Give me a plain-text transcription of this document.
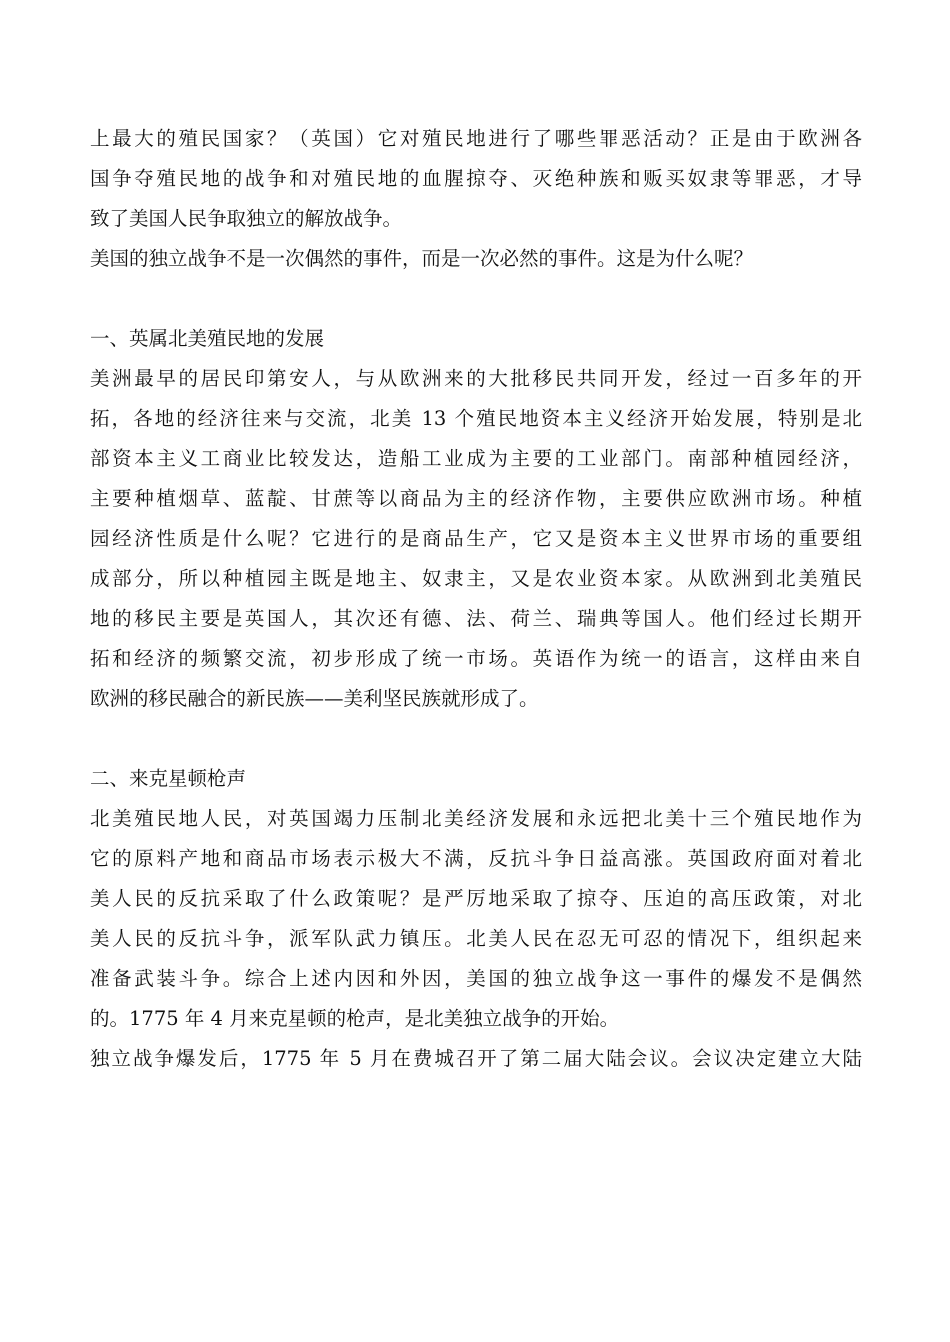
上最大的殖民国家？（英国）它对殖民地进行了哪些罪恶活动？正是由于欧洲各
国争夺殖民地的战争和对殖民地的血腥掠夺、灭绝种族和贩买奴隶等罪恶，才导
致了美国人民争取独立的解放战争。
美国的独立战争不是一次偶然的事件，而是一次必然的事件。这是为什么呢？
一、英属北美殖民地的发展
美洲最早的居民印第安人，与从欧洲来的大批移民共同开发，经过一百多年的开
拓，各地的经济往来与交流，北美 13 个殖民地资本主义经济开始发展，特别是北
部资本主义工商业比较发达，造船工业成为主要的工业部门。南部种植园经济，
主要种植烟草、蓝靛、甘蔗等以商品为主的经济作物，主要供应欧洲市场。种植
园经济性质是什么呢？它进行的是商品生产，它又是资本主义世界市场的重要组
成部分，所以种植园主既是地主、奴隶主，又是农业资本家。从欧洲到北美殖民
地的移民主要是英国人，其次还有德、法、荷兰、瑞典等国人。他们经过长期开
拓和经济的频繁交流，初步形成了统一市场。英语作为统一的语言，这样由来自
欧洲的移民融合的新民族——美利坚民族就形成了。
二、来克星顿枪声
北美殖民地人民，对英国竭力压制北美经济发展和永远把北美十三个殖民地作为
它的原料产地和商品市场表示极大不满，反抗斗争日益高涨。英国政府面对着北
美人民的反抗采取了什么政策呢？是严厉地采取了掠夺、压迫的高压政策，对北
美人民的反抗斗争，派军队武力镇压。北美人民在忍无可忍的情况下，组织起来
准备武装斗争。综合上述内因和外因，美国的独立战争这一事件的爆发不是偶然
的。1775 年 4 月来克星顿的枪声，是北美独立战争的开始。
独立战争爆发后，1775 年 5 月在费城召开了第二届大陆会议。会议决定建立大陆
